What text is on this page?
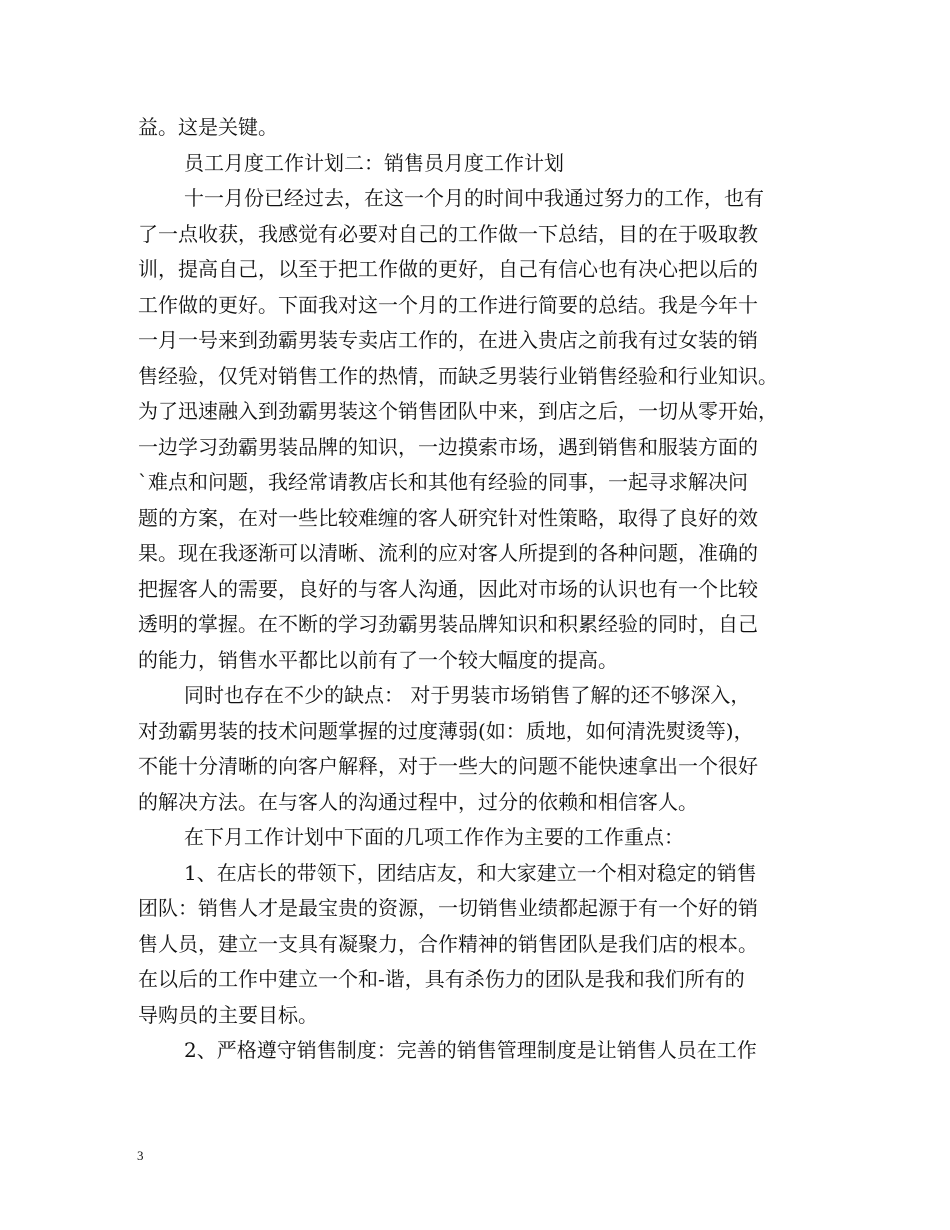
益。这是关键。
员工月度工作计划二：销售员月度工作计划
十一月份已经过去，在这一个月的时间中我通过努力的工作，也有
了一点收获，我感觉有必要对自己的工作做一下总结，目的在于吸取教
训，提高自己，以至于把工作做的更好，自己有信心也有决心把以后的
工作做的更好。下面我对这一个月的工作进行简要的总结。我是今年十
一月一号来到劲霸男装专卖店工作的，在进入贵店之前我有过女装的销
售经验，仅凭对销售工作的热情，而缺乏男装行业销售经验和行业知识。
为了迅速融入到劲霸男装这个销售团队中来，到店之后，一切从零开始，
一边学习劲霸男装品牌的知识，一边摸索市场，遇到销售和服装方面的
`难点和问题，我经常请教店长和其他有经验的同事，一起寻求解决问
题的方案，在对一些比较难缠的客人研究针对性策略，取得了良好的效
果。现在我逐渐可以清晰、流利的应对客人所提到的各种问题，准确的
把握客人的需要，良好的与客人沟通，因此对市场的认识也有一个比较
透明的掌握。在不断的学习劲霸男装品牌知识和积累经验的同时，自己
的能力，销售水平都比以前有了一个较大幅度的提高。
同时也存在不少的缺点： 对于男装市场销售了解的还不够深入，
对劲霸男装的技术问题掌握的过度薄弱(如：质地，如何清洗熨烫等)，
不能十分清晰的向客户解释，对于一些大的问题不能快速拿出一个很好
的解决方法。在与客人的沟通过程中，过分的依赖和相信客人。
在下月工作计划中下面的几项工作作为主要的工作重点：
1、在店长的带领下，团结店友，和大家建立一个相对稳定的销售
团队：销售人才是最宝贵的资源，一切销售业绩都起源于有一个好的销
售人员，建立一支具有凝聚力，合作精神的销售团队是我们店的根本。
在以后的工作中建立一个和-谐，具有杀伤力的团队是我和我们所有的
导购员的主要目标。
2、严格遵守销售制度：完善的销售管理制度是让销售人员在工作
3
